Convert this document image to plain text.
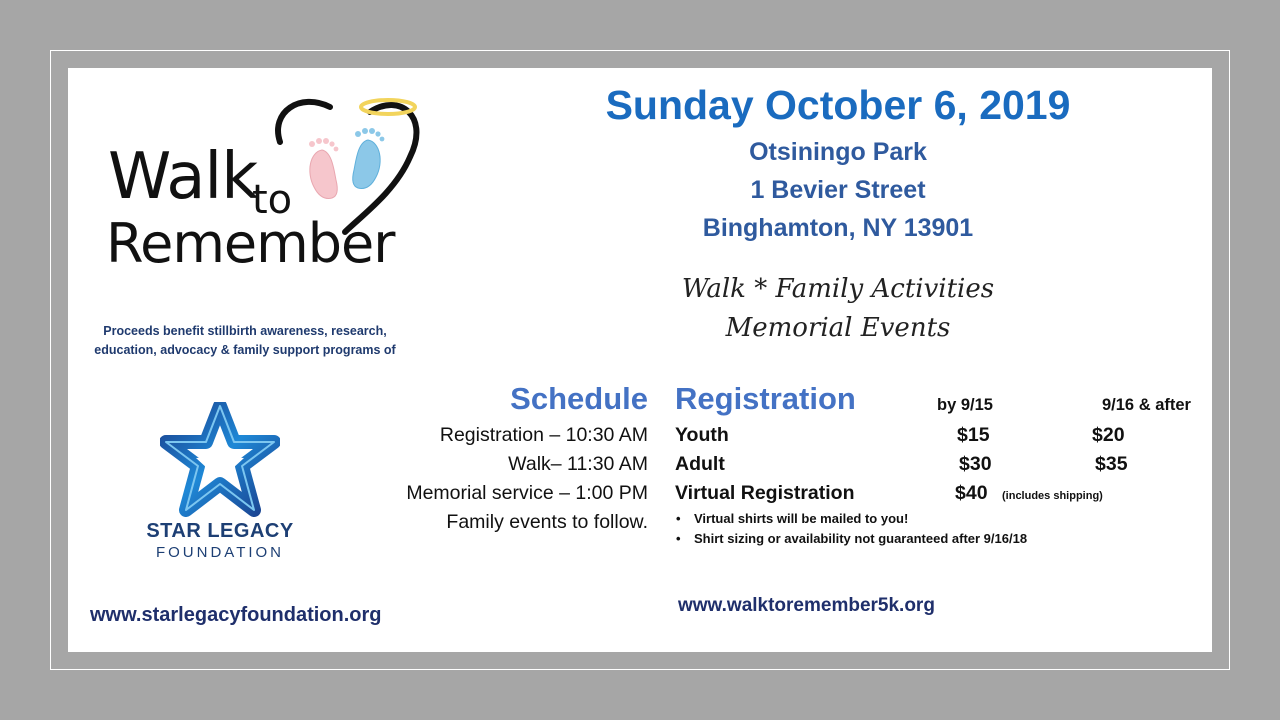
Walk
to
Remember
Proceeds benefit stillbirth awareness, research,
education, advocacy & family support programs of
STAR LEGACY
FOUNDATION
www.starlegacyfoundation.org
Sunday October 6, 2019
Otsiningo Park
1 Bevier Street
Binghamton, NY 13901
Walk * Family Activities
Memorial Events
Schedule
Registration – 10:30 AM
Walk– 11:30 AM
Memorial service – 1:00 PM
Family events to follow.
Registration	by 9/15	9/16 & after
Youth	$15	$20
Adult	$30	$35
Virtual Registration	$40 (includes shipping)
• Virtual shirts will be mailed to you!
• Shirt sizing or availability not guaranteed after 9/16/18
www.walktoremember5k.org
